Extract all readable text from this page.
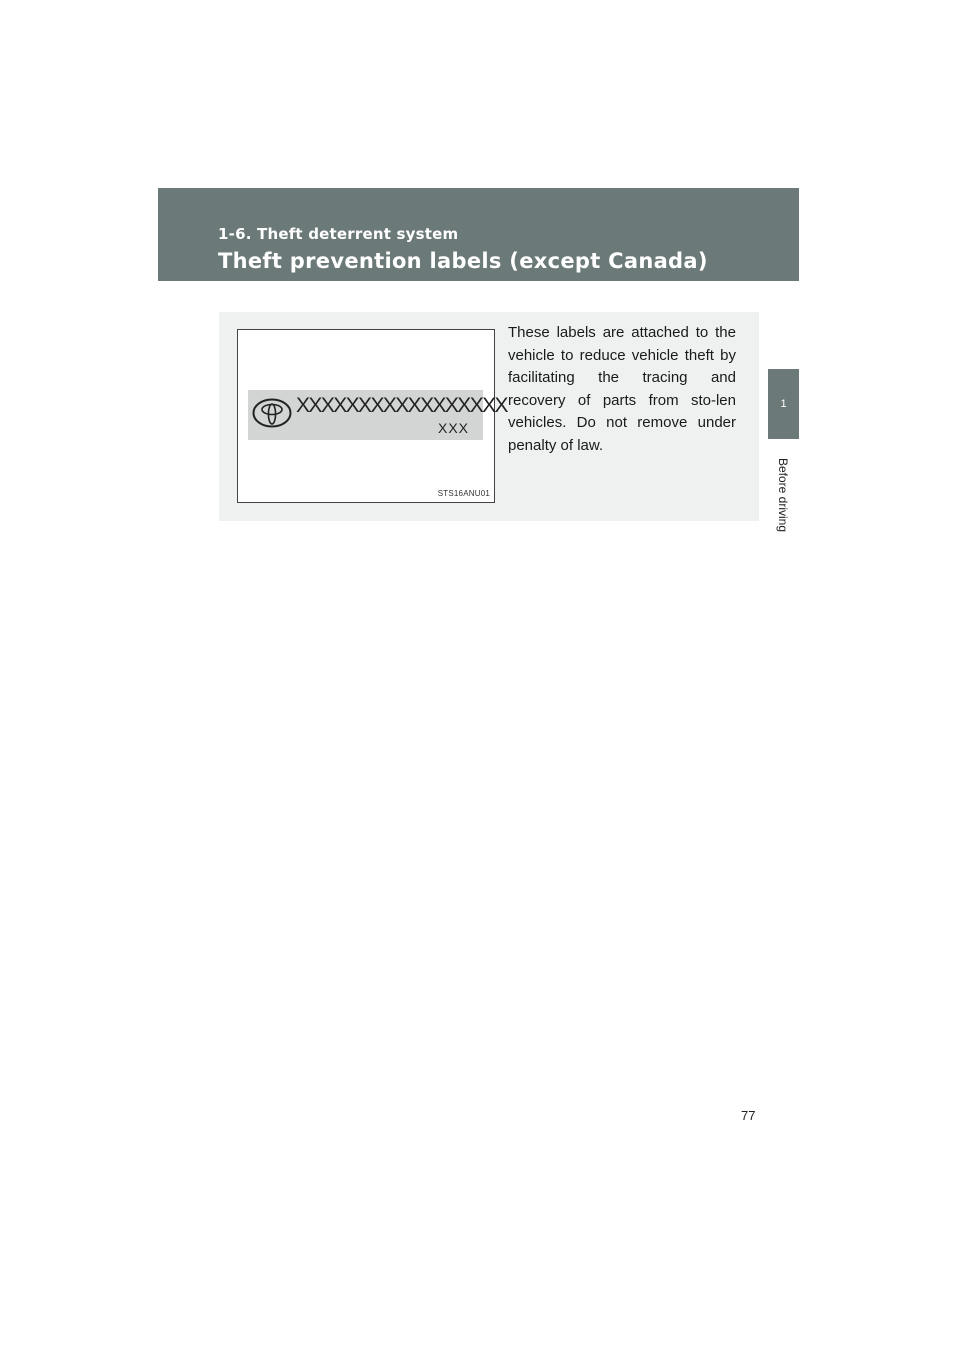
1-6. Theft deterrent system
Theft prevention labels (except Canada)
1
Before driving
XXXXXXXXXXXXXXXXX
XXX
STS16ANU01
These labels are attached to the vehicle to reduce vehicle theft by facilitating the tracing and recovery of parts from sto-len vehicles. Do not remove under penalty of law.
77
